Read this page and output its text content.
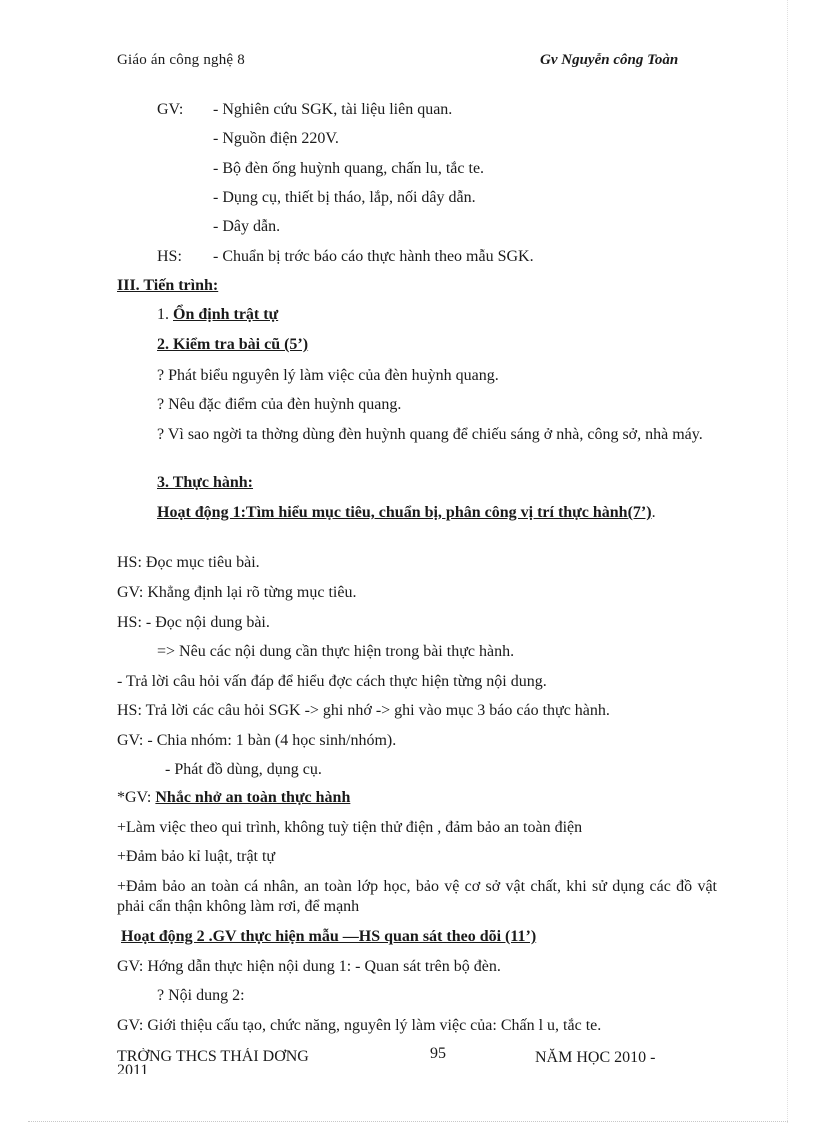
Giáo án công nghệ 8	Gv Nguyễn công Toàn
GV: - Nghiên cứu SGK, tài liệu liên quan.
- Nguồn điện 220V.
- Bộ đèn ống huỳnh quang, chấn lu, tắc te.
- Dụng cụ, thiết bị tháo, lắp, nối dây dẫn.
- Dây dẫn.
HS: - Chuẩn bị trớc báo cáo thực hành theo mẫu SGK.
III. Tiến trình:
1. Ổn định trật tự
2. Kiểm tra bài cũ (5’)
? Phát biểu nguyên lý làm việc của đèn huỳnh quang.
? Nêu đặc điểm của đèn huỳnh quang.
? Vì sao ngời ta thờng dùng đèn huỳnh quang để chiếu sáng ở nhà, công sở, nhà máy.
3. Thực hành:
Hoạt động 1:Tìm hiểu mục tiêu, chuẩn bị, phân công vị trí thực hành(7’).
HS: Đọc mục tiêu bài.
GV: Khẳng định lại rõ từng mục tiêu.
HS: - Đọc nội dung bài.
=> Nêu các nội dung cần thực hiện trong bài thực hành.
- Trả lời câu hỏi vấn đáp để hiểu đợc cách thực hiện từng nội dung.
HS: Trả lời các câu hỏi SGK -> ghi nhớ -> ghi vào mục 3 báo cáo thực hành.
GV: - Chia nhóm: 1 bàn (4 học sinh/nhóm).
- Phát đồ dùng, dụng cụ.
*GV: Nhắc nhở an toàn thực hành
+Làm việc theo qui trình, không tuỳ tiện thử điện , đảm bảo an toàn điện
+Đảm bảo kỉ luật, trật tự
+Đảm bảo an toàn cá nhân, an toàn lớp học, bảo vệ cơ sở vật chất, khi sử dụng các đồ vật phải cẩn thận không làm rơi, để mạnh
Hoạt động 2 .GV thực hiện mẫu —HS quan sát theo dõi (11’)
GV: Hớng dẫn thực hiện nội dung 1: - Quan sát trên bộ đèn.
? Nội dung 2:
GV: Giới thiệu cấu tạo, chức năng, nguyên lý làm việc của: Chấn l u, tắc te.
TRỜNG THCS THÁI DƠNG
2011
95	NĂM HỌC 2010 -
